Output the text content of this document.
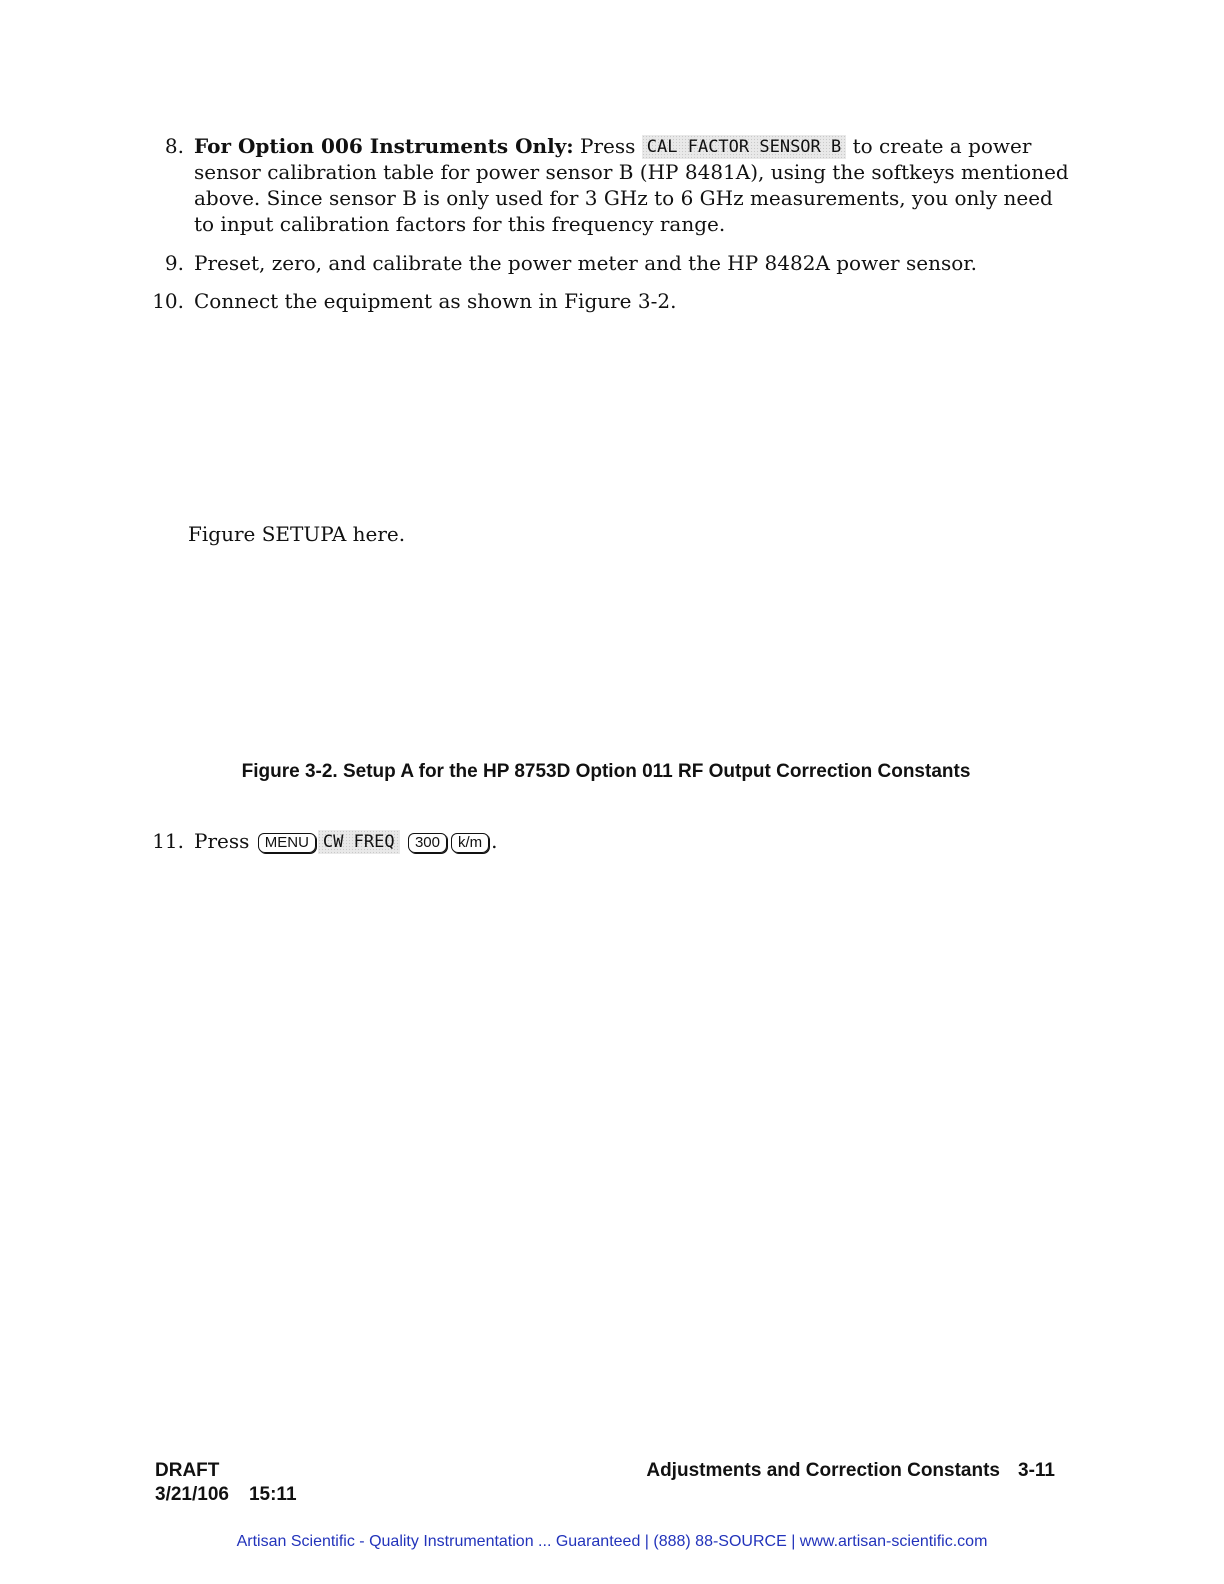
8. For Option 006 Instruments Only: Press CAL FACTOR SENSOR B to create a power sensor calibration table for power sensor B (HP 8481A), using the softkeys mentioned above. Since sensor B is only used for 3 GHz to 6 GHz measurements, you only need to input calibration factors for this frequency range.
9. Preset, zero, and calibrate the power meter and the HP 8482A power sensor.
10. Connect the equipment as shown in Figure 3-2.
Figure SETUPA here.
Figure 3-2. Setup A for the HP 8753D Option 011 RF Output Correction Constants
11. Press MENU CW FREQ 300 k/m .
DRAFT
3/21/106 15:11
Adjustments and Correction Constants 3-11
Artisan Scientific - Quality Instrumentation ... Guaranteed | (888) 88-SOURCE | www.artisan-scientific.com
